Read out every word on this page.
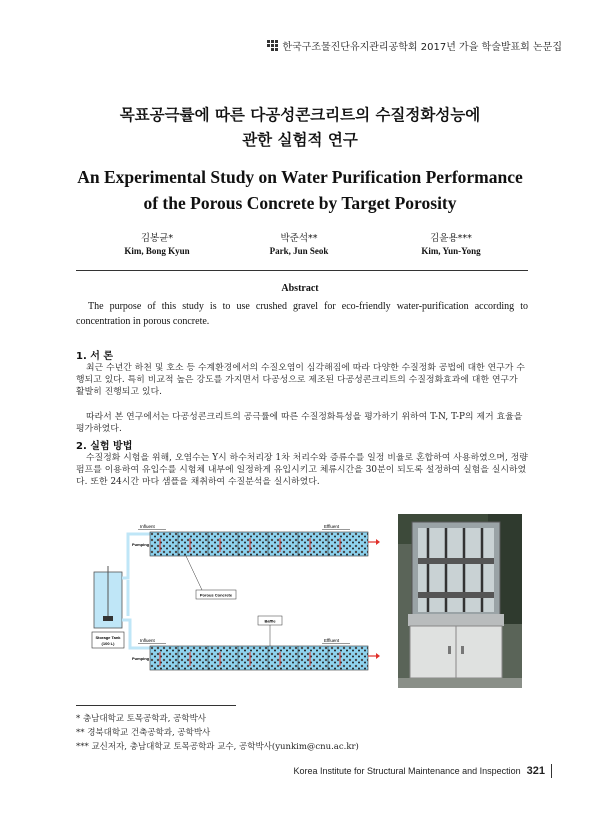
한국구조물진단유지관리공학회 2017년 가을 학술발표회 논문집
목표공극률에 따른 다공성콘크리트의 수질정화성능에
관한 실험적 연구
An Experimental Study on Water Purification Performance
of the Porous Concrete by Target Porosity
김봉균*
Kim, Bong Kyun
박준석**
Park, Jun Seok
김윤용***
Kim, Yun-Yong
Abstract
The purpose of this study is to use crushed gravel for eco-friendly water-purification according to concentration in porous concrete.
1. 서 론
최근 수년간 하천 및 호소 등 수계환경에서의 수질오염이 심각해짐에 따라 다양한 수질정화 공법에 대한 연구가 수행되고 있다. 특히 비교적 높은 강도를 가지면서 다공성으로 제조된 다공성콘크리트의 수질정화효과에 대한 연구가 활발히 진행되고 있다.
따라서 본 연구에서는 다공성콘크리트의 공극률에 따른 수질정화특성을 평가하기 위하여 T-N, T-P의 제거 효율을 평가하였다.
2. 실험 방법
수질정화 시험을 위해, 오염수는 Y시 하수처리장 1차 처리수와 증류수를 일정 비율로 혼합하여 사용하였으며, 정량펌프를 이용하여 유입수를 시험체 내부에 일정하게 유입시키고 체류시간을 30분이 되도록 설정하여 실험을 실시하였다. 또한 24시간 마다 샘플을 채취하여 수질분석을 실시하였다.
Storage Tank
(100 L)
Pumping
Pumping
Influent	Effluent
Porous Concrete
Baffle
Influent	Effluent
* 충남대학교 토목공학과, 공학박사
** 경북대학교 건축공학과, 공학박사
*** 교신저자, 충남대학교 토목공학과 교수, 공학박사(yunkim@cnu.ac.kr)
Korea Institute for Structural Maintenance and Inspection 321
